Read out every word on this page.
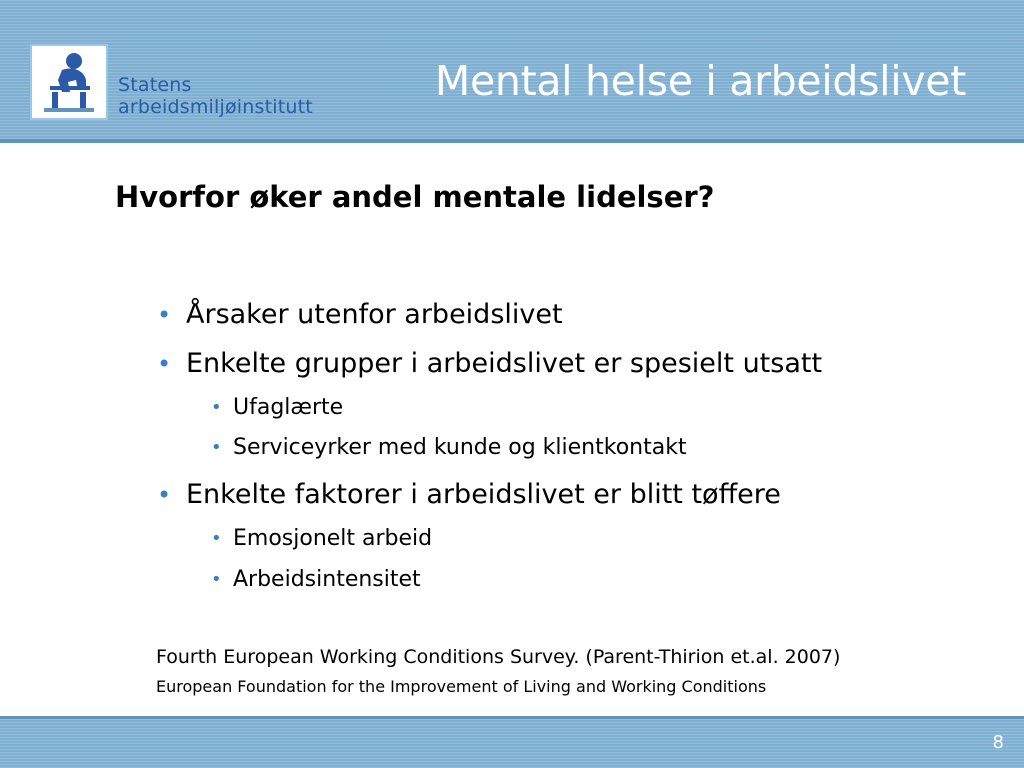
Statens
arbeidsmiljøinstitutt
Mental helse i arbeidslivet
Hvorfor øker andel mentale lidelser?
• Årsaker utenfor arbeidslivet
• Enkelte grupper i arbeidslivet er spesielt utsatt
• Ufaglærte
• Serviceyrker med kunde og klientkontakt
• Enkelte faktorer i arbeidslivet er blitt tøffere
• Emosjonelt arbeid
• Arbeidsintensitet
Fourth European Working Conditions Survey. (Parent-Thirion et.al. 2007)
European Foundation for the Improvement of Living and Working Conditions
8
